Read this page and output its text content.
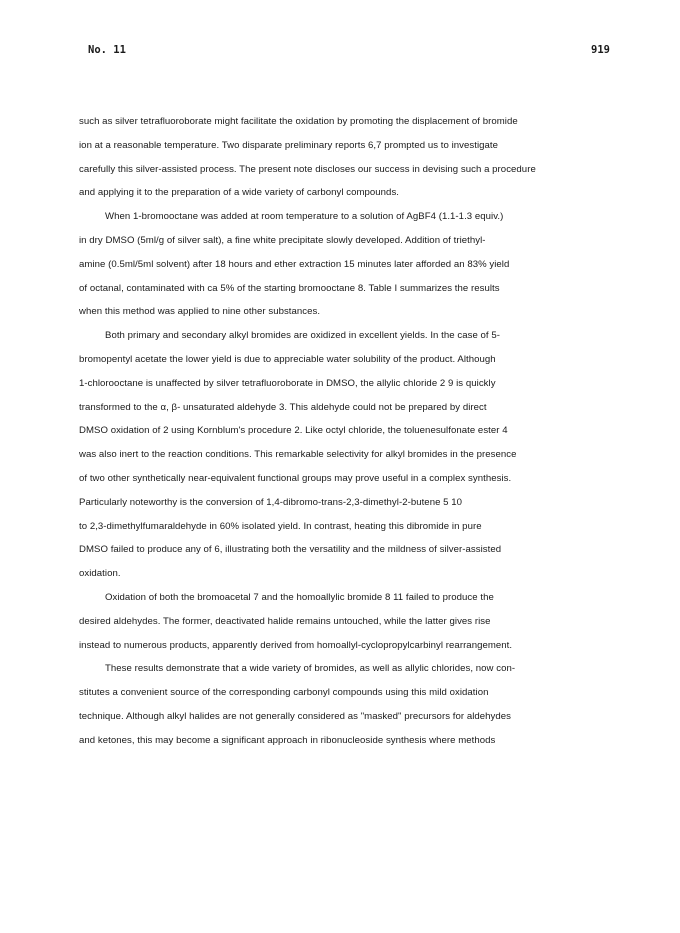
No. 11	919
such as silver tetrafluoroborate might facilitate the oxidation by promoting the displacement of bromide
ion at a reasonable temperature. Two disparate preliminary reports 6,7 prompted us to investigate
carefully this silver-assisted process. The present note discloses our success in devising such a procedure
and applying it to the preparation of a wide variety of carbonyl compounds.
When 1-bromooctane was added at room temperature to a solution of AgBF4 (1.1-1.3 equiv.)
in dry DMSO (5ml/g of silver salt), a fine white precipitate slowly developed. Addition of triethyl-
amine (0.5ml/5ml solvent) after 18 hours and ether extraction 15 minutes later afforded an 83% yield
of octanal, contaminated with ca 5% of the starting bromooctane 8. Table I summarizes the results
when this method was applied to nine other substances.
Both primary and secondary alkyl bromides are oxidized in excellent yields. In the case of 5-
bromopentyl acetate the lower yield is due to appreciable water solubility of the product. Although
1-chlorooctane is unaffected by silver tetrafluoroborate in DMSO, the allylic chloride 2 9 is quickly
transformed to the α, β- unsaturated aldehyde 3. This aldehyde could not be prepared by direct
DMSO oxidation of 2 using Kornblum's procedure 2. Like octyl chloride, the toluenesulfonate ester 4
was also inert to the reaction conditions. This remarkable selectivity for alkyl bromides in the presence
of two other synthetically near-equivalent functional groups may prove useful in a complex synthesis.
Particularly noteworthy is the conversion of 1,4-dibromo-trans-2,3-dimethyl-2-butene 5 10
to 2,3-dimethylfumaraldehyde in 60% isolated yield. In contrast, heating this dibromide in pure
DMSO failed to produce any of 6, illustrating both the versatility and the mildness of silver-assisted
oxidation.
Oxidation of both the bromoacetal 7 and the homoallylic bromide 8 11 failed to produce the
desired aldehydes. The former, deactivated halide remains untouched, while the latter gives rise
instead to numerous products, apparently derived from homoallyl-cyclopropylcarbinyl rearrangement.
These results demonstrate that a wide variety of bromides, as well as allylic chlorides, now con-
stitutes a convenient source of the corresponding carbonyl compounds using this mild oxidation
technique. Although alkyl halides are not generally considered as "masked" precursors for aldehydes
and ketones, this may become a significant approach in ribonucleoside synthesis where methods
